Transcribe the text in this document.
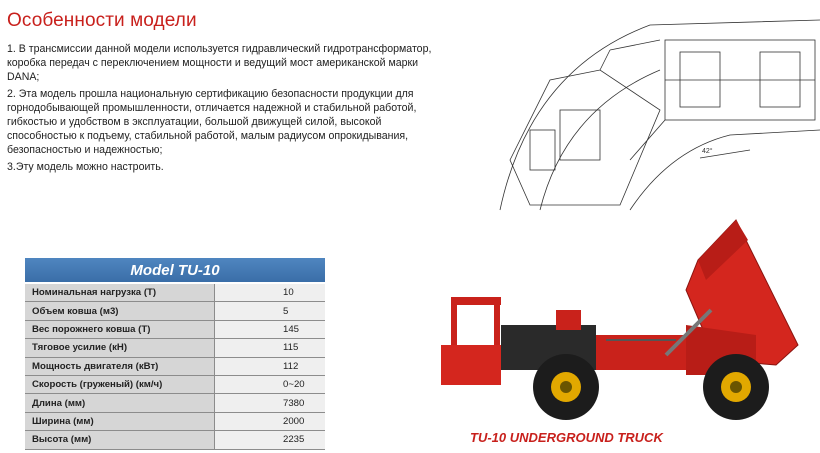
Особенности модели

1. В трансмиссии данной модели используется гидравлический гидротрансформатор, коробка передач с переключением мощности и ведущий мост американской марки DANA;

2. Эта модель прошла национальную сертификацию безопасности продукции для горнодобывающей промышленности, отличается надежной и стабильной работой, гибкостью и удобством в эксплуатации, большой движущей силой, высокой способностью к подъему, стабильной работой, малым радиусом опрокидывания, безопасностью и надежностью;

3.Эту модель можно настроить.

42°
Model TU-10
Номинальная нагрузка (Т)	10
Объем ковша (м3)	5
Вес порожнего ковша (Т)	145
Тяговое усилие (кН)	115
Мощность двигателя (кВт)	112
Скорость (груженый) (км/ч)	0~20
Длина (мм)	7380
Ширина (мм)	2000
Высота (мм)	2235	TU-10 UNDERGROUND TRUCK
